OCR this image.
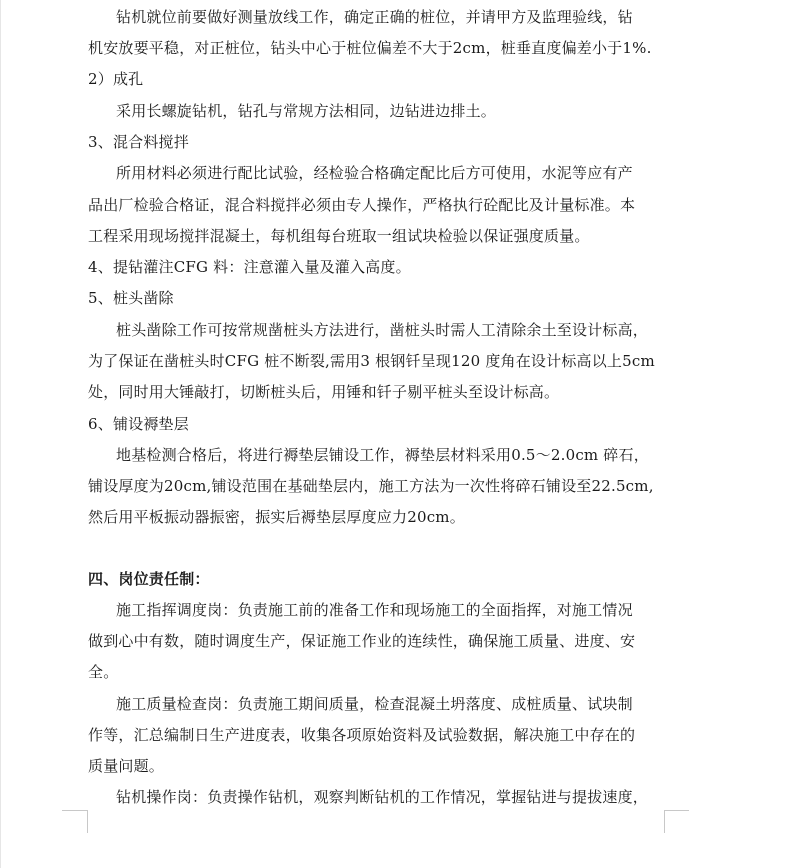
钻机就位前要做好测量放线工作，确定正确的桩位，并请甲方及监理验线，钻
机安放要平稳，对正桩位，钻头中心于桩位偏差不大于2cm，桩垂直度偏差小于1%.
2）成孔
采用长螺旋钻机，钻孔与常规方法相同，边钻进边排土。
3、混合料搅拌
所用材料必须进行配比试验，经检验合格确定配比后方可使用，水泥等应有产
品出厂检验合格证，混合料搅拌必须由专人操作，严格执行砼配比及计量标准。本
工程采用现场搅拌混凝土，每机组每台班取一组试块检验以保证强度质量。
4、提钻灌注CFG 料：注意灌入量及灌入高度。
5、桩头凿除
桩头凿除工作可按常规凿桩头方法进行，凿桩头时需人工清除余土至设计标高，
为了保证在凿桩头时CFG 桩不断裂,需用3 根钢钎呈现120 度角在设计标高以上5cm
处，同时用大锤敲打，切断桩头后，用锤和钎子剔平桩头至设计标高。
6、铺设褥垫层
地基检测合格后，将进行褥垫层铺设工作，褥垫层材料采用0.5～2.0cm 碎石，
铺设厚度为20cm,铺设范围在基础垫层内，施工方法为一次性将碎石铺设至22.5cm,
然后用平板振动器振密，振实后褥垫层厚度应力20cm。
四、岗位责任制：
施工指挥调度岗：负责施工前的准备工作和现场施工的全面指挥，对施工情况
做到心中有数，随时调度生产，保证施工作业的连续性，确保施工质量、进度、安
全。
施工质量检查岗：负责施工期间质量，检查混凝土坍落度、成桩质量、试块制
作等，汇总编制日生产进度表，收集各项原始资料及试验数据，解决施工中存在的
质量问题。
钻机操作岗：负责操作钻机，观察判断钻机的工作情况，掌握钻进与提拔速度，
